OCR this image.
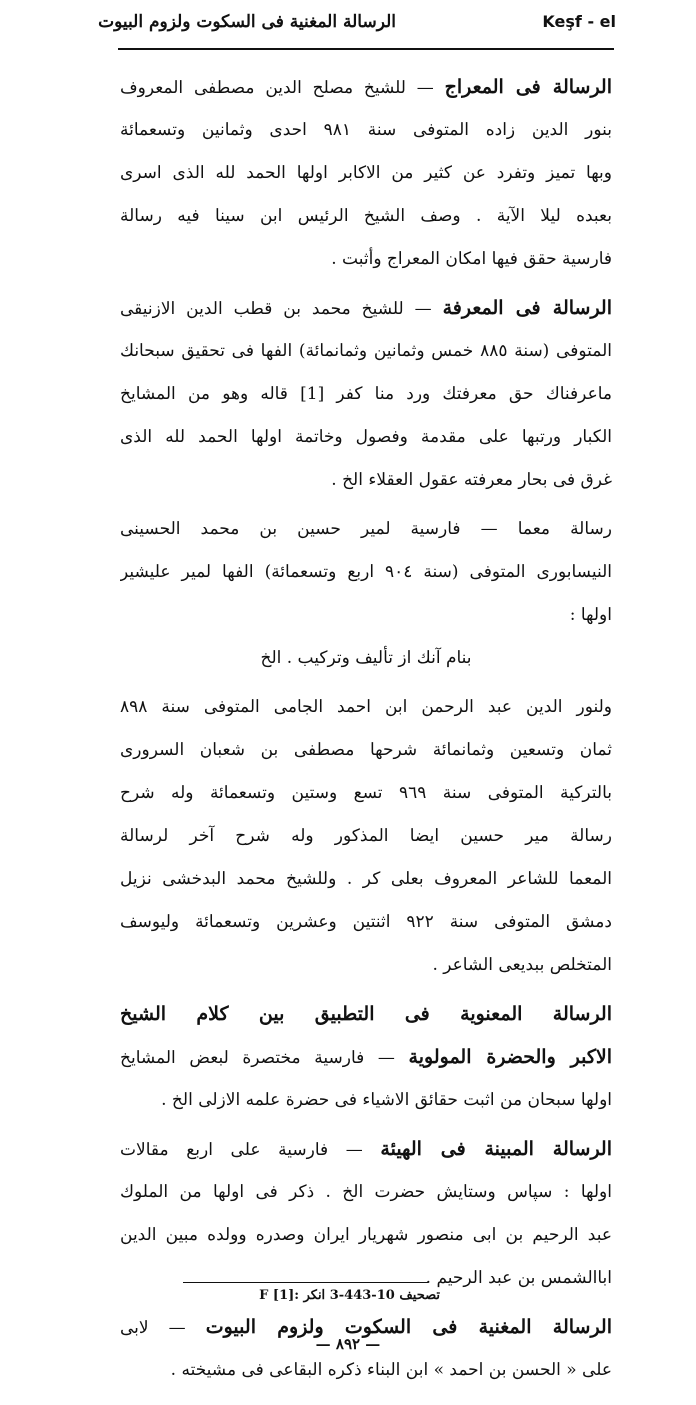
الرسالة المغنية فى السكوت ولزوم البيوت	Keşf - el
الرسالة فى المعراج — للشيخ مصلح الدين مصطفى المعروف
بنور الدين زاده المتوفى سنة ٩٨١ احدى وثمانين وتسعمائة
وبها تميز وتفرد عن كثير من الاكابر اولها الحمد لله الذى اسرى
بعبده ليلا الآية . وصف الشيخ الرئيس ابن سينا فيه رسالة
فارسية حقق فيها امكان المعراج وأثبت .
الرسالة فى المعرفة — للشيخ محمد بن قطب الدين الازنيقى
المتوفى (سنة ٨٨٥ خمس وثمانين وثمانمائة) الفها فى تحقيق سبحانك
ماعرفناك حق معرفتك ورد منا كفر [1] قاله وهو من المشايخ
الكبار ورتبها على مقدمة وفصول وخاتمة اولها الحمد لله الذى
غرق فى بحار معرفته عقول العقلاء الخ .
رسالة معما — فارسية لمير حسين بن محمد الحسينى
النيسابورى المتوفى (سنة ٩٠٤ اربع وتسعمائة) الفها لمير عليشير
اولها :
بنام آنك از تأليف وتركيب . الخ
ولنور الدين عبد الرحمن ابن احمد الجامى المتوفى سنة ٨٩٨
ثمان وتسعين وثمانمائة شرحها مصطفى بن شعبان السرورى
بالتركية المتوفى سنة ٩٦٩ تسع وستين وتسعمائة وله شرح
رسالة مير حسين ايضا المذكور وله شرح آخر لرسالة
المعما للشاعر المعروف بعلى كر . وللشيخ محمد البدخشى نزيل
دمشق المتوفى سنة ٩٢٢ اثنتين وعشرين وتسعمائة وليوسف
المتخلص ببديعى الشاعر .
الرسالة المعنوية فى التطبيق بين كلام الشيخ
الاكبر والحضرة المولوية — فارسية مختصرة لبعض المشايخ
اولها سبحان من اثبت حقائق الاشياء فى حضرة علمه الازلى الخ .
الرسالة المبينة فى الهيئة — فارسية على اربع مقالات
اولها : سپاس وستايش حضرت الخ . ذكر فى اولها من الملوك
عبد الرحيم بن ابى منصور شهريار ايران وصدره وولده مبين الدين
اباالشمس بن عبد الرحيم .
الرسالة المغنية فى السكوت ولزوم البيوت — لابى
على « الحسن بن احمد » ابن البناء ذكره البقاعى فى مشيخته .
تصحيف 10-443-3 انكر :F [1]
— ٨٩٢ —
